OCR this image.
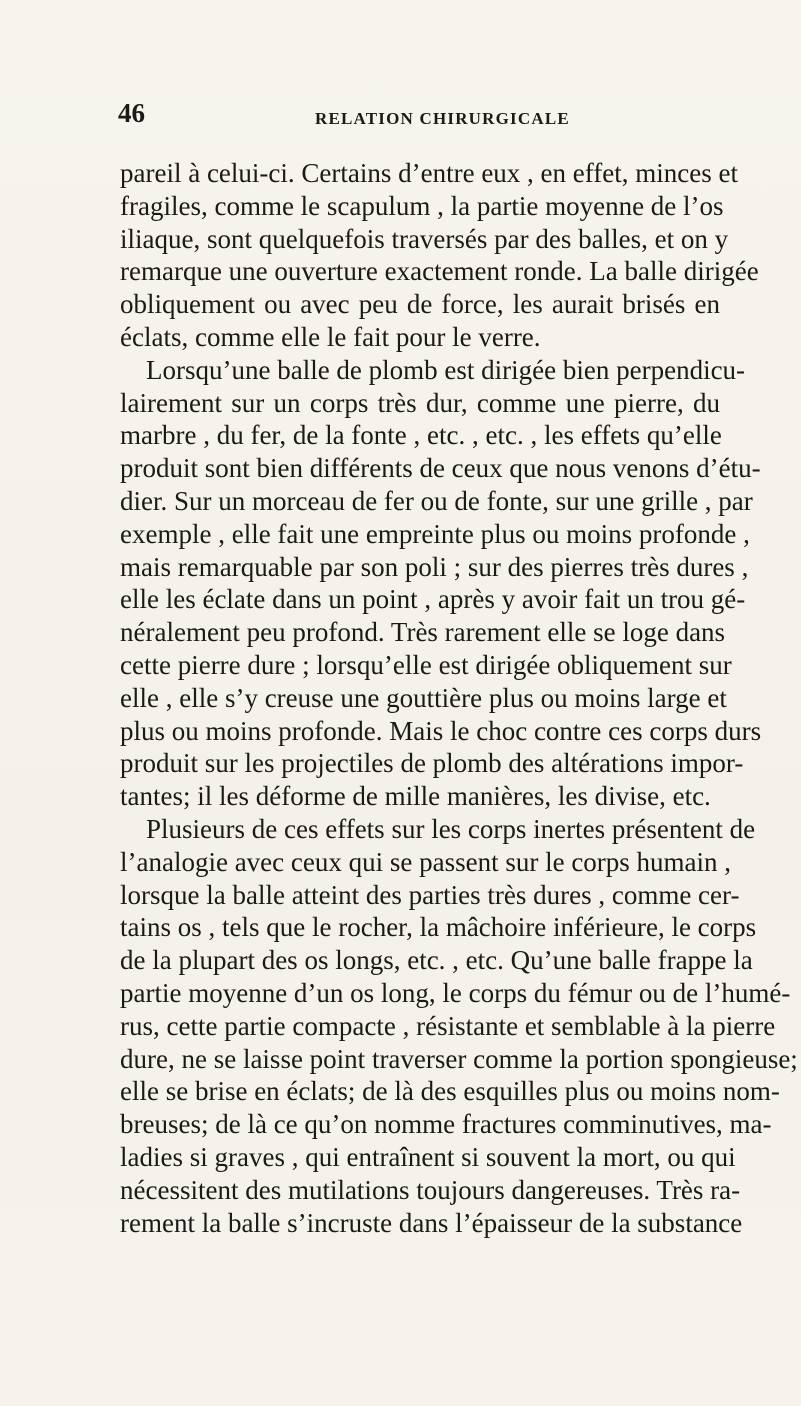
46	RELATION CHIRURGICALE
pareil à celui-ci. Certains d’entre eux , en effet, minces et
fragiles, comme le scapulum , la partie moyenne de l’os
iliaque, sont quelquefois traversés par des balles, et on y
remarque une ouverture exactement ronde. La balle dirigée
obliquement ou avec peu de force, les aurait brisés en
éclats, comme elle le fait pour le verre.
Lorsqu’une balle de plomb est dirigée bien perpendicu-
lairement sur un corps très dur, comme une pierre, du
marbre , du fer, de la fonte , etc. , etc. , les effets qu’elle
produit sont bien différents de ceux que nous venons d’étu-
dier. Sur un morceau de fer ou de fonte, sur une grille , par
exemple , elle fait une empreinte plus ou moins profonde ,
mais remarquable par son poli ; sur des pierres très dures ,
elle les éclate dans un point , après y avoir fait un trou gé-
néralement peu profond. Très rarement elle se loge dans
cette pierre dure ; lorsqu’elle est dirigée obliquement sur
elle , elle s’y creuse une gouttière plus ou moins large et
plus ou moins profonde. Mais le choc contre ces corps durs
produit sur les projectiles de plomb des altérations impor-
tantes; il les déforme de mille manières, les divise, etc.
Plusieurs de ces effets sur les corps inertes présentent de
l’analogie avec ceux qui se passent sur le corps humain ,
lorsque la balle atteint des parties très dures , comme cer-
tains os , tels que le rocher, la mâchoire inférieure, le corps
de la plupart des os longs, etc. , etc. Qu’une balle frappe la
partie moyenne d’un os long, le corps du fémur ou de l’humé-
rus, cette partie compacte , résistante et semblable à la pierre
dure, ne se laisse point traverser comme la portion spongieuse;
elle se brise en éclats; de là des esquilles plus ou moins nom-
breuses; de là ce qu’on nomme fractures comminutives, ma-
ladies si graves , qui entraînent si souvent la mort, ou qui
nécessitent des mutilations toujours dangereuses. Très ra-
rement la balle s’incruste dans l’épaisseur de la substance
